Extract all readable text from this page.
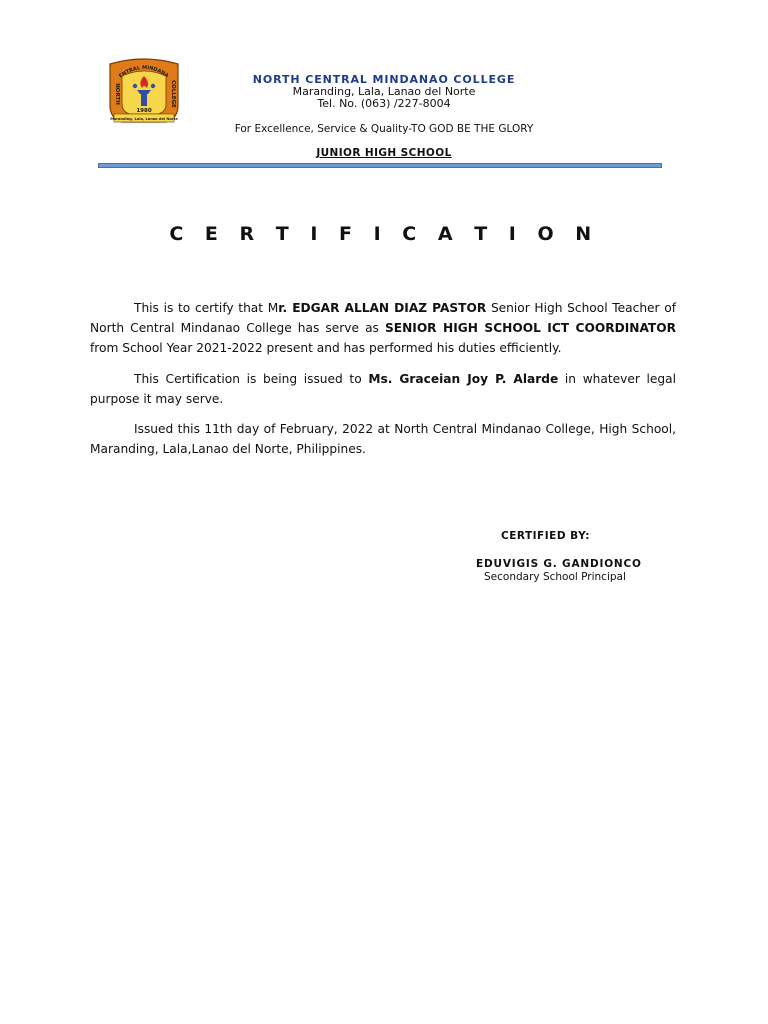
ENTRAL MINDANA
NORTH	COLLEGE
1980
Maranding, Lala, Lanao del Norte
NORTH CENTRAL MINDANAO COLLEGE
Maranding, Lala, Lanao del Norte
Tel. No. (063) /227-8004
For Excellence, Service & Quality-TO GOD BE THE GLORY
JUNIOR HIGH SCHOOL
C E R T I F I C A T I O N
This is to certify that Mr. EDGAR ALLAN DIAZ PASTOR Senior High School Teacher of North Central Mindanao College has serve as SENIOR HIGH SCHOOL ICT COORDINATOR from School Year 2021-2022 present and has performed his duties efficiently.
This Certification is being issued to Ms. Graceian Joy P. Alarde in whatever legal purpose it may serve.
Issued this 11th day of February, 2022 at North Central Mindanao College, High School, Maranding, Lala,Lanao del Norte, Philippines.
CERTIFIED BY:
EDUVIGIS G. GANDIONCO
Secondary School Principal
